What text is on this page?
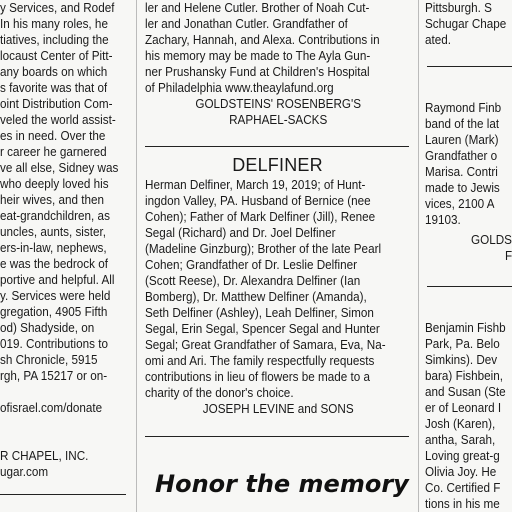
y Services, and Rodef
In his many roles, he
tiatives, including the
locaust Center of Pitt-
any boards on which
s favorite was that of
oint Distribution Com-
veled the world assist-
es in need. Over the
r career he garnered
ve all else, Sidney was
who deeply loved his
heir wives, and then
eat-grandchildren, as
uncles, aunts, sister,
ers-in-law, nephews,
e was the bedrock of
portive and helpful. All
y. Services were held
gregation, 4905 Fifth
od) Shadyside, on
019. Contributions to
sh Chronicle, 5915
rgh, PA 15217 or on-
ofisrael.com/donate
R CHAPEL, INC.
ugar.com
ler and Helene Cutler. Brother of Noah Cut-
ler and Jonathan Cutler. Grandfather of
Zachary, Hannah, and Alexa. Contributions in
his memory may be made to The Ayla Gun-
ner Prushansky Fund at Children's Hospital
of Philadelphia www.theaylafund.org
GOLDSTEINS' ROSENBERG'S
RAPHAEL-SACKS
DELFINER
Herman Delfiner, March 19, 2019; of Hunt-
ingdon Valley, PA. Husband of Bernice (nee
Cohen); Father of Mark Delfiner (Jill), Renee
Segal (Richard) and Dr. Joel Delfiner
(Madeline Ginzburg); Brother of the late Pearl
Cohen; Grandfather of Dr. Leslie Delfiner
(Scott Reese), Dr. Alexandra Delfiner (Ian
Bomberg), Dr. Matthew Delfiner (Amanda),
Seth Delfiner (Ashley), Leah Delfiner, Simon
Segal, Erin Segal, Spencer Segal and Hunter
Segal; Great Grandfather of Samara, Eva, Na-
omi and Ari. The family respectfully requests
contributions in lieu of flowers be made to a
charity of the donor's choice.
JOSEPH LEVINE and SONS
Honor the memory
Pittsburgh. S
Schugar Chape
ated.
Raymond Finb
band of the lat
Lauren (Mark)
Grandfather o
Marisa. Contri
made to Jewis
vices, 2100 A
19103.
GOLDS
F
Benjamin Fishb
Park, Pa. Belo
Simkins). Dev
bara) Fishbein,
and Susan (Ste
er of Leonard I
Josh (Karen),
antha, Sarah,
Loving great-g
Olivia Joy. He
Co. Certified F
tions in his me
